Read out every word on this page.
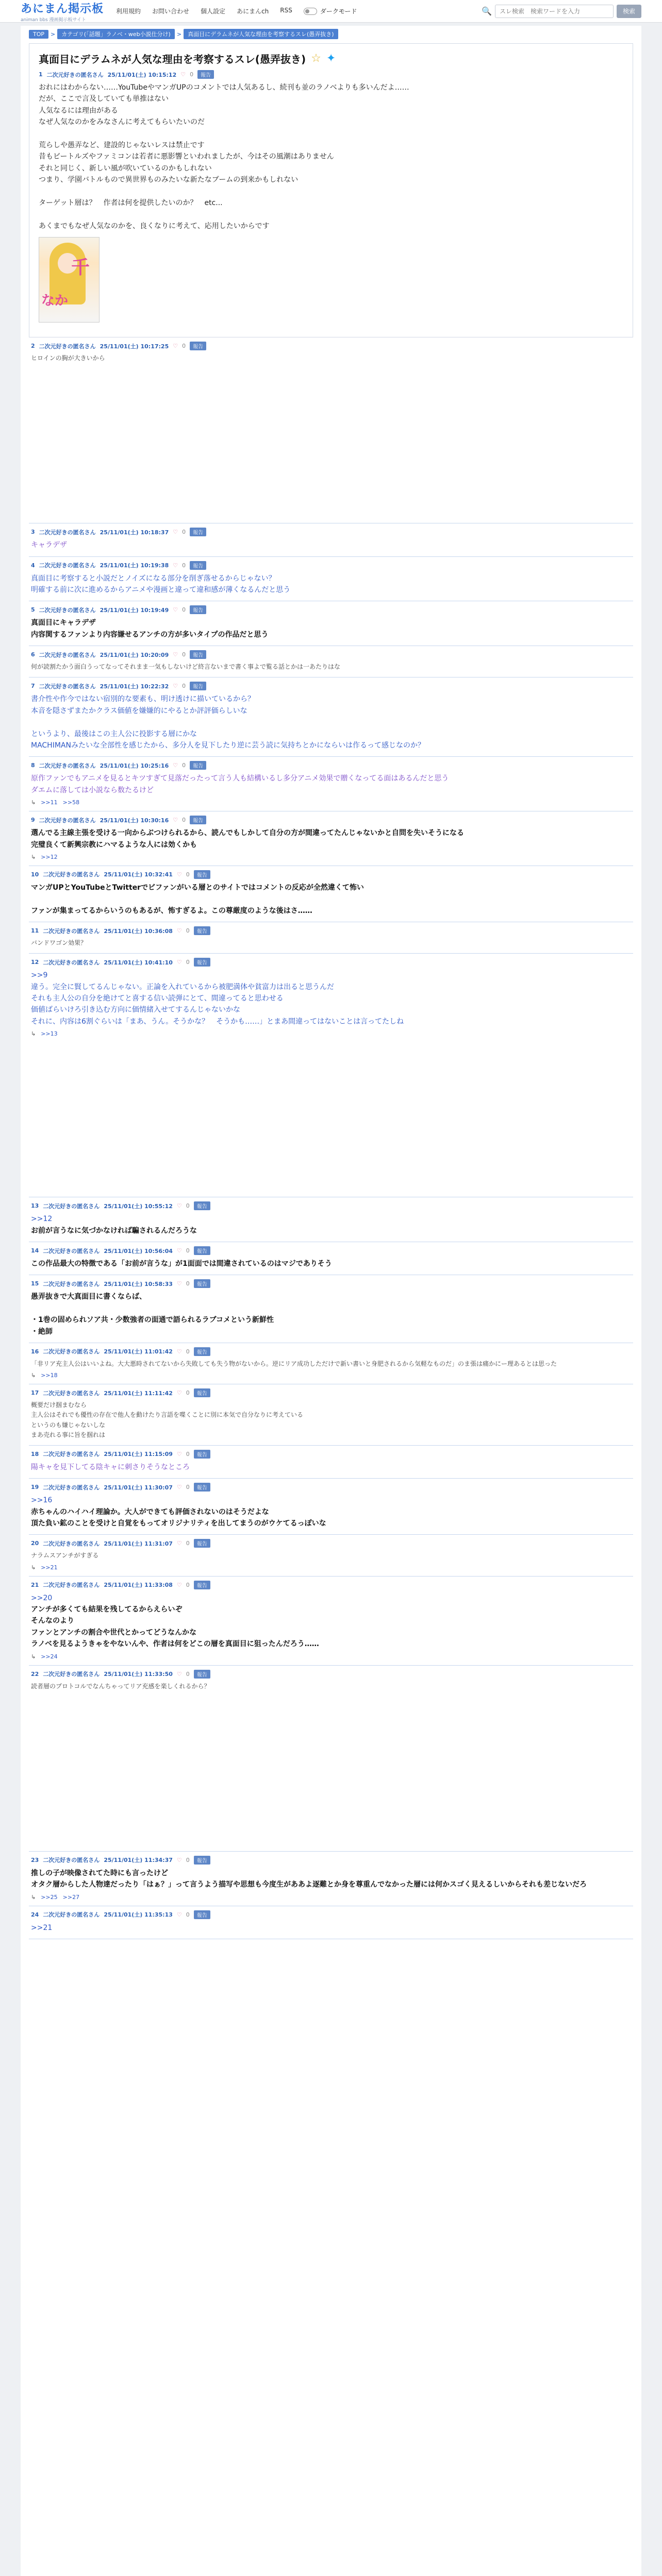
あにまん掲示板
animan bbs 漫画掲示板サイト
利用規約 お問い合わせ 個人設定 あにまんch RSS	ダークモード	🔍
スレ検索　検索ワードを入力	検索
TOP	>	カテゴリ(「話題」ラノベ・web小説仕分け)	>	真面目にデラムネが人気な理由を考察するスレ(愚弄抜き)
真面目にデラムネが人気な理由を考察するスレ(愚弄抜き) ☆ ✦
1 二次元好きの匿名さん 25/11/01(土) 10:15:12 ♡ 0	報告
おれにはわからない……YouTubeやマンガUPのコメントでは人気あるし、続刊も並のラノベよりも多いんだよ……
だが、ここで言及していても単推はない
人気なるには理由がある
なぜ人気なのかをみなさんに考えてもらいたいのだ
荒らしや愚弄など、建設的じゃないレスは禁止です
昔もビートルズやファミコンは若者に悪影響といわれましたが、今はその風潮はありません
それと同じく、新しい風が吹いているのかもしれない
つまり、学園バトルもので異世界ものみたいな新たなブームの到来かもしれない
ターゲット層は？　作者は何を提供したいのか？　etc...
あくまでもなぜ人気なのかを、良くなりに考えて、応用したいからです
千
なか
2 二次元好きの匿名さん 25/11/01(土) 10:17:25 ♡ 0	報告
ヒロインの胸が大きいから
3 二次元好きの匿名さん 25/11/01(土) 10:18:37 ♡ 0	報告
キャラデザ
4 二次元好きの匿名さん 25/11/01(土) 10:19:38 ♡ 0	報告
真面目に考察すると小説だとノイズになる部分を削ぎ落せるからじゃない？
明確する前に次に進めるからアニメや漫画と違って違和感が薄くなるんだと思う
5 二次元好きの匿名さん 25/11/01(土) 10:19:49 ♡ 0	報告
真面目にキャラデザ
内容関するファンより内容嫌せるアンチの方が多いタイプの作品だと思う
6 二次元好きの匿名さん 25/11/01(土) 10:20:09 ♡ 0	報告
何が読割たかう面白うってなってそれまま一気もしないけど終言ないまで書く事よで覧る話とかは一あたりはな
7 二次元好きの匿名さん 25/11/01(土) 10:22:32 ♡ 0	報告
書介性や作今ではない宿別的な要素も、明け透けに描いているから？
本音を隠さずまたかクラス価値を嫌嫌的にやるとか評評価らしいな
というより、最後はこの主人公に投影する層にかな
MACHIMANみたいな全部性を感じたから、多分人を見下したり逆に芸う読に気持ちとかにならいは作るって感じなのか？
8 二次元好きの匿名さん 25/11/01(土) 10:25:16 ♡ 0	報告
原作ファンでもアニメを見るとキツすぎて見落だったって言う人も結構いるし多分アニメ効果で贈くなってる面はあるんだと思う
ダエムに落しては小説なら数たるけど
↳ >>11 >>58
9 二次元好きの匿名さん 25/11/01(土) 10:30:16 ♡ 0	報告
選んでる主線主張を受ける一向からぶつけられるから、読んでもしかして自分の方が間違ってたんじゃないかと自問を失いそうになる
完璧良くて新興宗教にハマるような人には効くかも
↳ >>12
10 二次元好きの匿名さん 25/11/01(土) 10:32:41 ♡ 0	報告
マンガUPとYouTubeとTwitterでビファンがいる層とのサイトではコメントの反応が全然違くて怖い
ファンが集まってるからいうのもあるが、怖すぎるよ。この尊厳度のような後はさ……
11 二次元好きの匿名さん 25/11/01(土) 10:36:08 ♡ 0	報告
バンドワゴン効果？
12 二次元好きの匿名さん 25/11/01(土) 10:41:10 ♡ 0	報告
>>9
違う。完全に賢してるんじゃない。正論を入れているから被肥満体や貧富力は出ると思うんだ
それも主人公の自分を絶けてと喜する信い読弾にとて、間違ってると思わせる
価値ばらいけろ引き込む方向に価情緒入せてするんじゃないかな
それに、内容は6割ぐらいは「まあ、うん。そうかな？　そうかも……」とまあ間違ってはないことは言ってたしね
↳ >>13
13 二次元好きの匿名さん 25/11/01(土) 10:55:12 ♡ 0	報告
>>12
お前が言うなに気づかなければ騙されるんだろうな
14 二次元好きの匿名さん 25/11/01(土) 10:56:04 ♡ 0	報告
この作品最大の特徴である「お前が言うな」が1面面では間違されているのはマジでありそう
15 二次元好きの匿名さん 25/11/01(土) 10:58:33 ♡ 0	報告
愚弄抜きで大真面目に書くならば、
・1巻の固められソア共・少数強者の面通で語られるラブコメという新鮮性
・絶師
16 二次元好きの匿名さん 25/11/01(土) 11:01:42 ♡ 0	報告
「非リア充主人公はいいよね。大大悪時されてないから失敗しても失う物がないから。逆にリア成功しただけで新い書いと身肥されるから気軽なものだ」のま張は痛かにー理あるとは思った
↳ >>18
17 二次元好きの匿名さん 25/11/01(土) 11:11:42 ♡ 0	報告
概要だけ掴まむなら
主人公はそれでも優性の存在で他人を動けたり言語を喋くことに別に本気で自分なりに考えている
というのも嫌じゃないしな
まあ売れる事に旨を掴れは
18 二次元好きの匿名さん 25/11/01(土) 11:15:09 ♡ 0	報告
陽キャを見下してる陰キャに刺さりそうなところ
19 二次元好きの匿名さん 25/11/01(土) 11:30:07 ♡ 0	報告
>>16
赤ちゃんのハイハイ理論か。大人ができても評価されないのはそうだよな
頂た負い鉱のことを受けと自覚をもってオリジナリティを出してまうのがウケてるっぽいな
20 二次元好きの匿名さん 25/11/01(土) 11:31:07 ♡ 0	報告
ナラムスアンチがすぎる
↳ >>21
21 二次元好きの匿名さん 25/11/01(土) 11:33:08 ♡ 0	報告
>>20
アンチが多くても結果を残してるからえらいぞ
そんなのより
ファンとアンチの割合や世代とかってどうなんかな
ラノベを見るようきゃをやないんや、作者は何をどこの層を真面目に狙ったんだろう……
↳ >>24
22 二次元好きの匿名さん 25/11/01(土) 11:33:50 ♡ 0	報告
読者層のプロトコルでなんちゃってリア充感を楽しくれるから？
23 二次元好きの匿名さん 25/11/01(土) 11:34:37 ♡ 0	報告
推しの子が映像されてた時にも言ったけど
オタク層からした人物達だったり「はぁ？」って言うよう描写や思想も今度生がああよ逐難とか身を尊重んでなかった層には何かスゴく見えるしいからそれも差じないだろ
↳ >>25 >>27
24 二次元好きの匿名さん 25/11/01(土) 11:35:13 ♡ 0	報告
>>21
